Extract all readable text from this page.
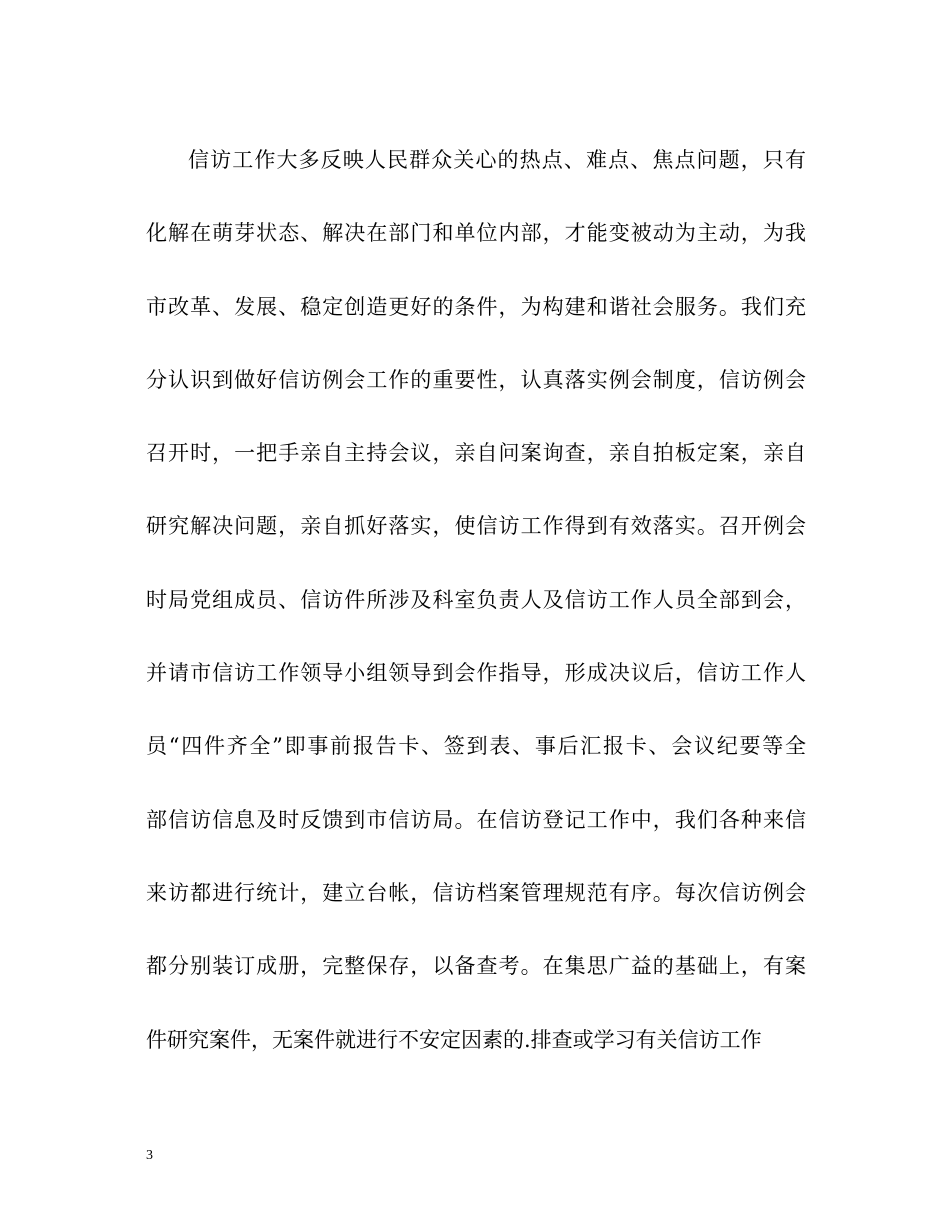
信访工作大多反映人民群众关心的热点、难点、焦点问题，只有
化解在萌芽状态、解决在部门和单位内部，才能变被动为主动，为我
市改革、发展、稳定创造更好的条件，为构建和谐社会服务。我们充
分认识到做好信访例会工作的重要性，认真落实例会制度，信访例会
召开时，一把手亲自主持会议，亲自问案询查，亲自拍板定案，亲自
研究解决问题，亲自抓好落实，使信访工作得到有效落实。召开例会
时局党组成员、信访件所涉及科室负责人及信访工作人员全部到会，
并请市信访工作领导小组领导到会作指导，形成决议后，信访工作人
员“四件齐全”即事前报告卡、签到表、事后汇报卡、会议纪要等全
部信访信息及时反馈到市信访局。在信访登记工作中，我们各种来信
来访都进行统计，建立台帐，信访档案管理规范有序。每次信访例会
都分别装订成册，完整保存，以备查考。在集思广益的基础上，有案
件研究案件，无案件就进行不安定因素的.排查或学习有关信访工作

3
